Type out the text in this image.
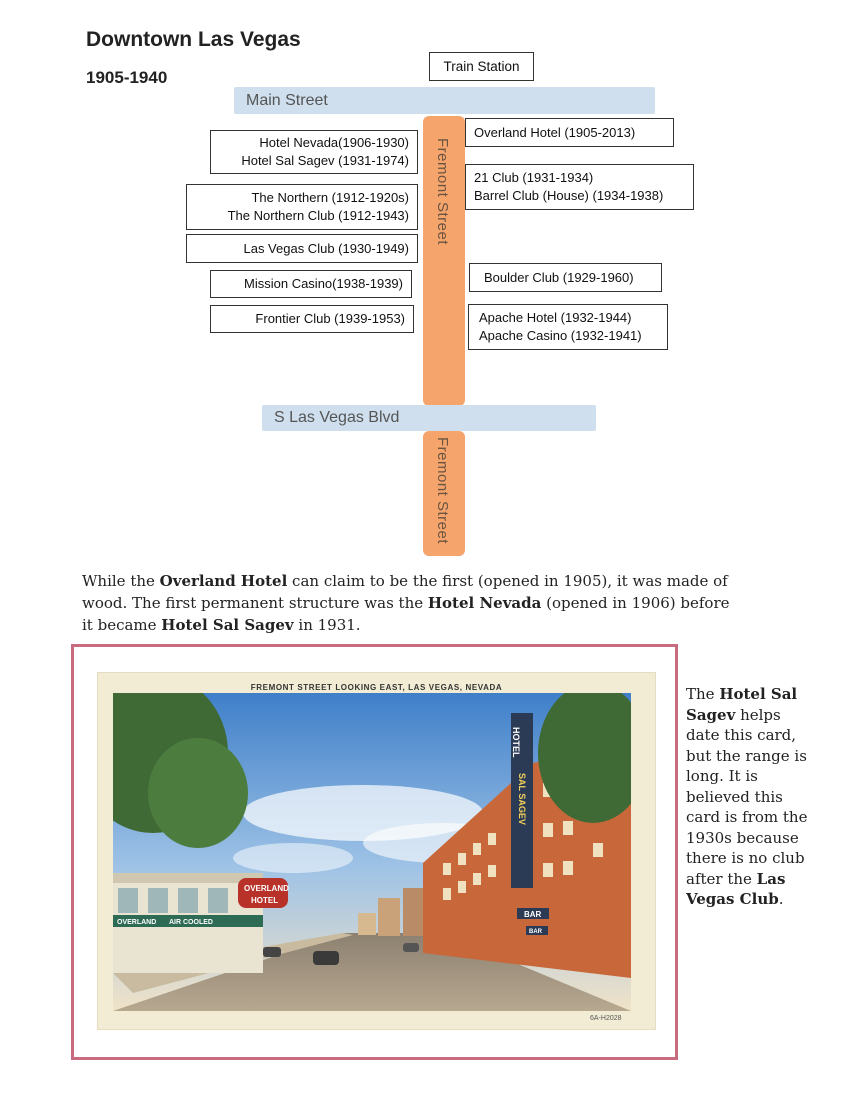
Downtown Las Vegas
1905-1940
Train Station
Main Street
Fremont Street
S Las Vegas Blvd
Fremont Street
Hotel Nevada(1906-1930)
Hotel Sal Sagev (1931-1974)
The Northern (1912-1920s)
The Northern Club (1912-1943)
Las Vegas Club (1930-1949)
Mission Casino(1938-1939)
Frontier Club (1939-1953)
Overland Hotel (1905-2013)
21 Club (1931-1934)
Barrel Club (House) (1934-1938)
Boulder Club (1929-1960)
Apache Hotel (1932-1944)
Apache Casino (1932-1941)
While the Overland Hotel can claim to be the first (opened in 1905), it was made of wood. The first permanent structure was the Hotel Nevada (opened in 1906) before it became Hotel Sal Sagev in 1931.
FREMONT STREET LOOKING EAST, LAS VEGAS, NEVADA
OVERLAND AIR COOLED
OVERLAND
HOTEL
HOTEL
SAL SAGEV
BAR
BAR
6A-H2028
The Hotel Sal Sagev helps date this card, but the range is long. It is believed this card is from the 1930s because there is no club after the Las Vegas Club.
